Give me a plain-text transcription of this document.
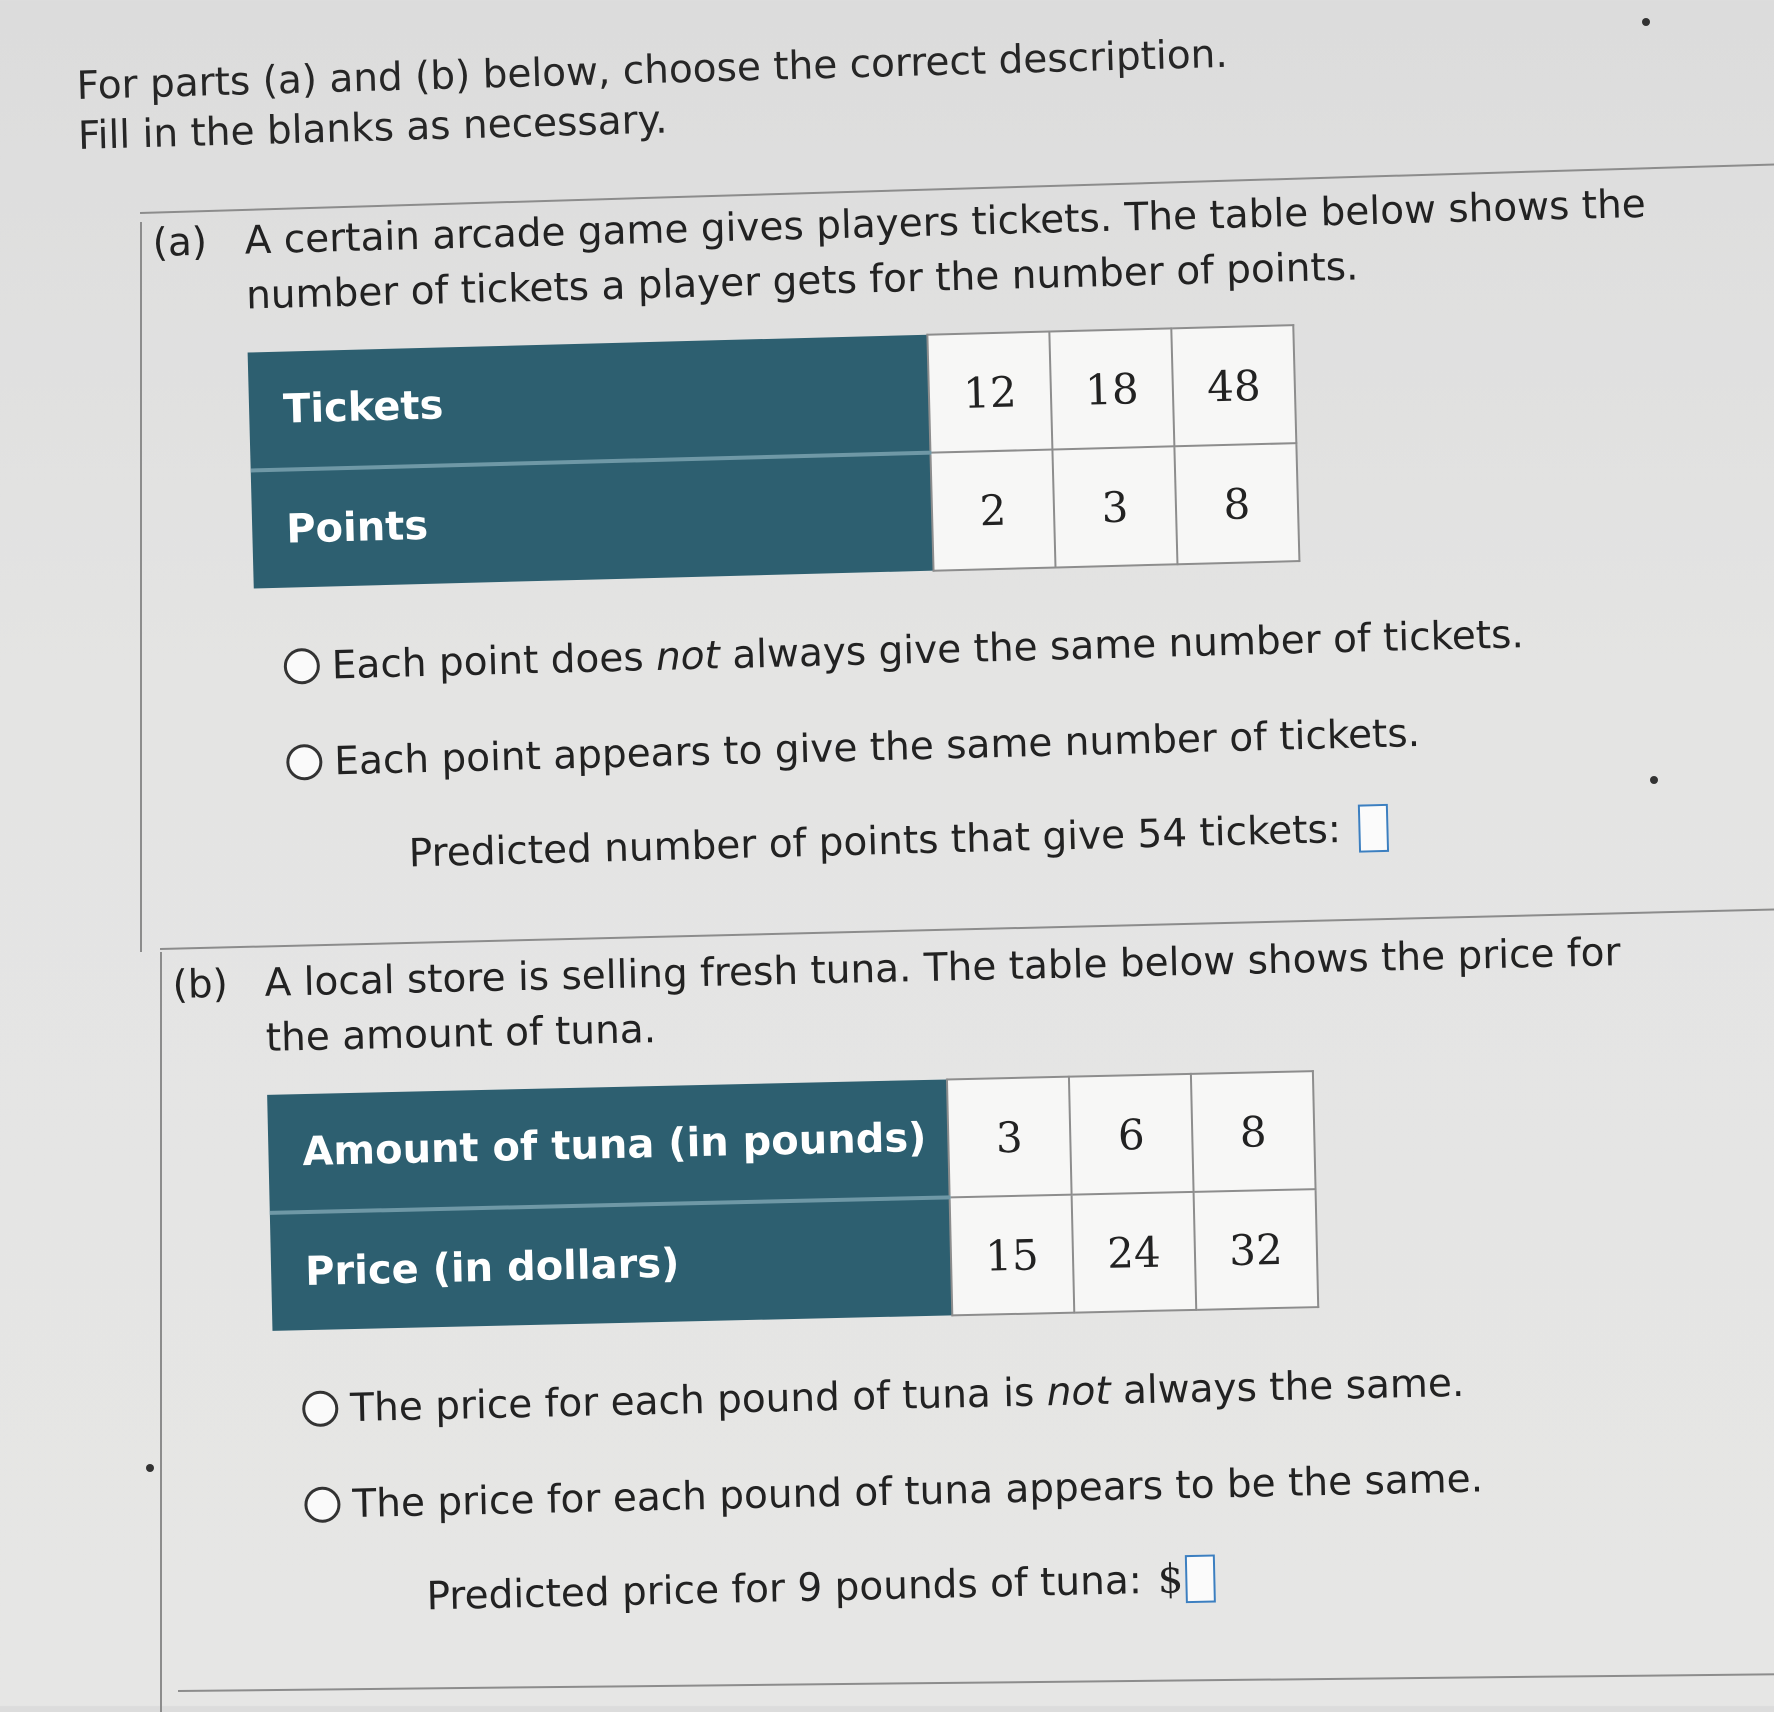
For parts (a) and (b) below, choose the correct description.
Fill in the blanks as necessary.
(a) A certain arcade game gives players tickets. The table below shows the number of tickets a player gets for the number of points.
Tickets	12	18	48
Points	2	3	8
Each point does not always give the same number of tickets.
Each point appears to give the same number of tickets.
Predicted number of points that give 54 tickets:
(b) A local store is selling fresh tuna. The table below shows the price for the amount of tuna.
Amount of tuna (in pounds)	3	6	8
Price (in dollars)	15	24	32
The price for each pound of tuna is not always the same.
The price for each pound of tuna appears to be the same.
Predicted price for 9 pounds of tuna: $
